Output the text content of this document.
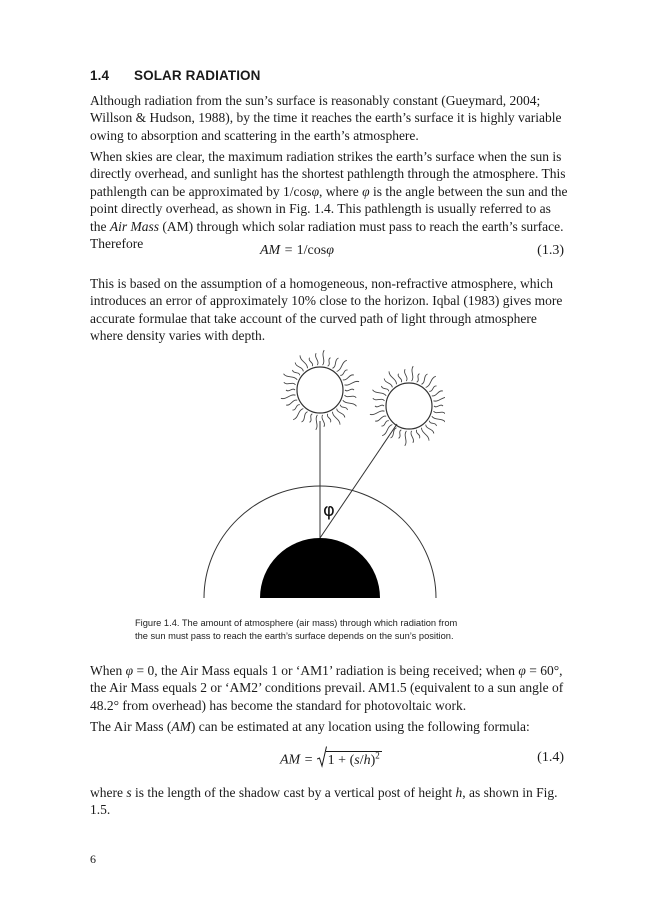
1.4 SOLAR RADIATION

Although radiation from the sun’s surface is reasonably constant (Gueymard, 2004; Willson & Hudson, 1988), by the time it reaches the earth’s surface it is highly variable owing to absorption and scattering in the earth’s atmosphere.

When skies are clear, the maximum radiation strikes the earth’s surface when the sun is directly overhead, and sunlight has the shortest pathlength through the atmosphere. This pathlength can be approximated by 1/cosφ, where φ is the angle between the sun and the point directly overhead, as shown in Fig. 1.4. This pathlength is usually referred to as the Air Mass (AM) through which solar radiation must pass to reach the earth’s surface. Therefore	AM = 1/cosφ	(1.3)

This is based on the assumption of a homogeneous, non-refractive atmosphere, which introduces an error of approximately 10% close to the horizon. Iqbal (1983) gives more accurate formulae that take account of the curved path of light through atmosphere where density varies with depth.

φ
Figure 1.4. The amount of atmosphere (air mass) through which radiation from
the sun must pass to reach the earth’s surface depends on the sun’s position.

When φ = 0, the Air Mass equals 1 or ‘AM1’ radiation is being received; when φ = 60°, the Air Mass equals 2 or ‘AM2’ conditions prevail. AM1.5 (equivalent to a sun angle of 48.2° from overhead) has become the standard for photovoltaic work.

The Air Mass (AM) can be estimated at any location using the following formula:

AM =
$1 + (s/h)^2$	(1.4)

where s is the length of the shadow cast by a vertical post of height h, as shown in Fig. 1.5.

6
